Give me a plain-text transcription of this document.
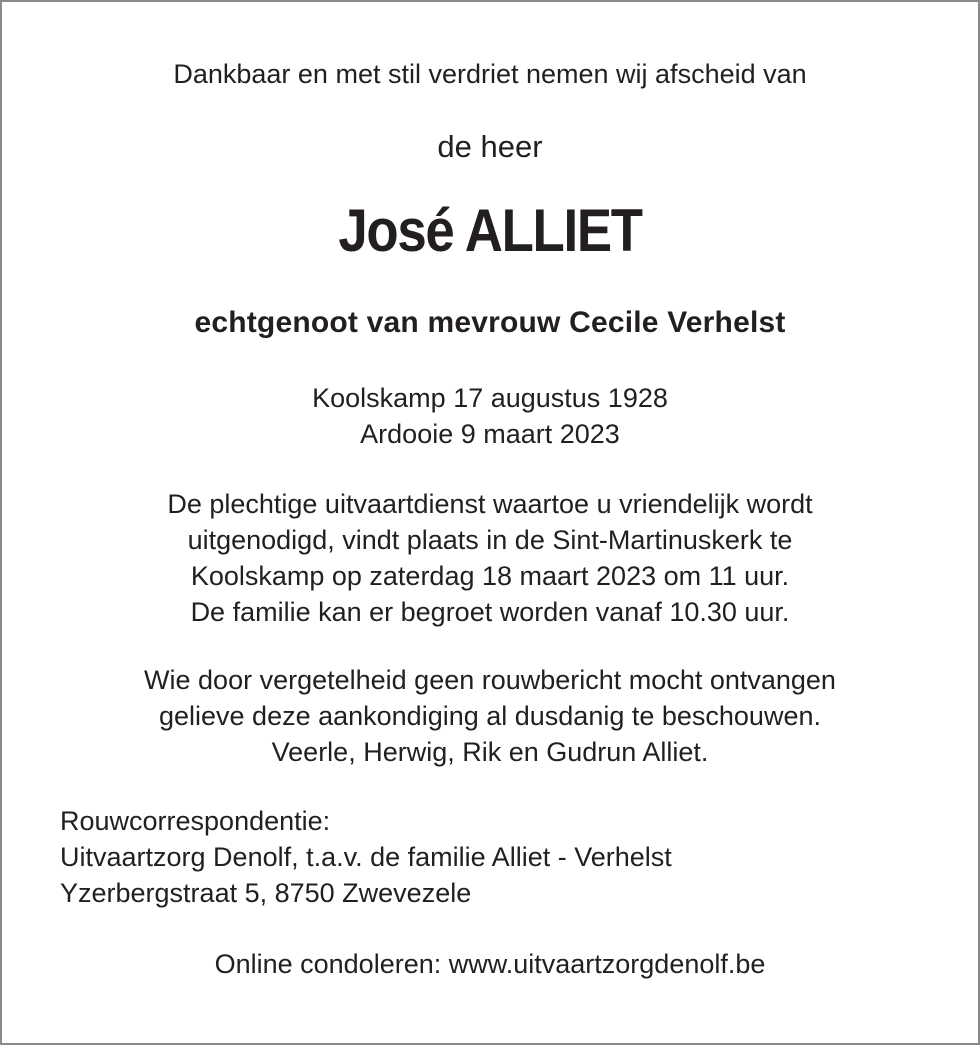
Dankbaar en met stil verdriet nemen wij afscheid van
de heer
José ALLIET
echtgenoot van mevrouw Cecile Verhelst
Koolskamp 17 augustus 1928
Ardooie 9 maart 2023
De plechtige uitvaartdienst waartoe u vriendelijk wordt
uitgenodigd, vindt plaats in de Sint-Martinuskerk te
Koolskamp op zaterdag 18 maart 2023 om 11 uur.
De familie kan er begroet worden vanaf 10.30 uur.
Wie door vergetelheid geen rouwbericht mocht ontvangen
gelieve deze aankondiging al dusdanig te beschouwen.
Veerle, Herwig, Rik en Gudrun Alliet.
Rouwcorrespondentie:
Uitvaartzorg Denolf, t.a.v. de familie Alliet - Verhelst
Yzerbergstraat 5, 8750 Zwevezele
Online condoleren: www.uitvaartzorgdenolf.be
